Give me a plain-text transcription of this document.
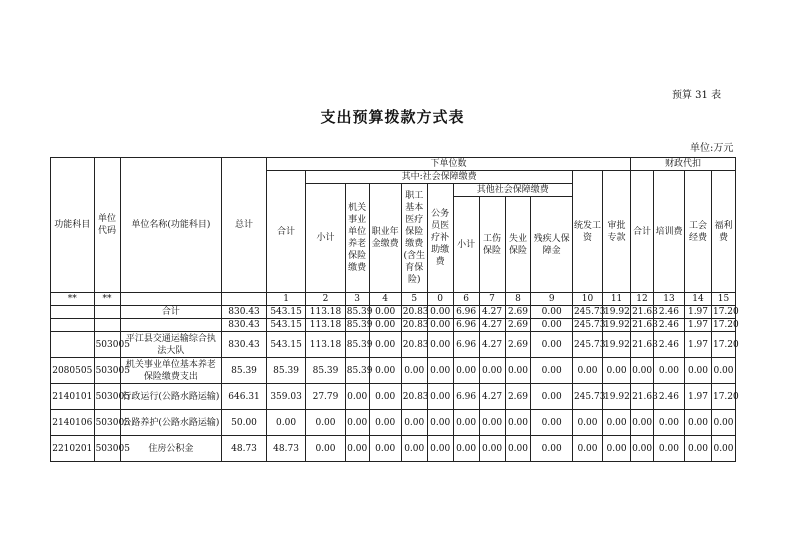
预算 31 表
支出预算拨款方式表
单位:万元
功能科目	单位代码	单位名称(功能科目)	总计	下单位数												财政代扣			
				合计	其中:社会保障缴费									统发工资	审批专款	合计	培训费	工会经费	福利费
					小计	机关事业单位养老保险缴费	职业年金缴费	职工基本医疗保险缴费(含生育保险)	公务员医疗补助缴费	其他社会保障缴费									
										小计	工伤保险	失业保险	残疾人保障金						
**	**			1	2	3	4	5	0	6	7	8	9	10	11	12	13	14	15
		合计	830.43	543.15	113.18	85.39	0.00	20.83	0.00	6.96	4.27	2.69	0.00	245.73	19.92	21.63	2.46	1.97	17.20
			830.43	543.15	113.18	85.39	0.00	20.83	0.00	6.96	4.27	2.69	0.00	245.73	19.92	21.63	2.46	1.97	17.20
	503005	平江县交通运输综合执法大队	830.43	543.15	113.18	85.39	0.00	20.83	0.00	6.96	4.27	2.69	0.00	245.73	19.92	21.63	2.46	1.97	17.20
2080505	503005	机关事业单位基本养老保险缴费支出	85.39	85.39	85.39	85.39	0.00	0.00	0.00	0.00	0.00	0.00	0.00	0.00	0.00	0.00	0.00	0.00	0.00
2140101	503005	行政运行(公路水路运输)	646.31	359.03	27.79	0.00	0.00	20.83	0.00	6.96	4.27	2.69	0.00	245.73	19.92	21.63	2.46	1.97	17.20
2140106	503005	公路养护(公路水路运输)	50.00	0.00	0.00	0.00	0.00	0.00	0.00	0.00	0.00	0.00	0.00	0.00	0.00	0.00	0.00	0.00	0.00
2210201	503005	住房公积金	48.73	48.73	0.00	0.00	0.00	0.00	0.00	0.00	0.00	0.00	0.00	0.00	0.00	0.00	0.00	0.00	0.00
